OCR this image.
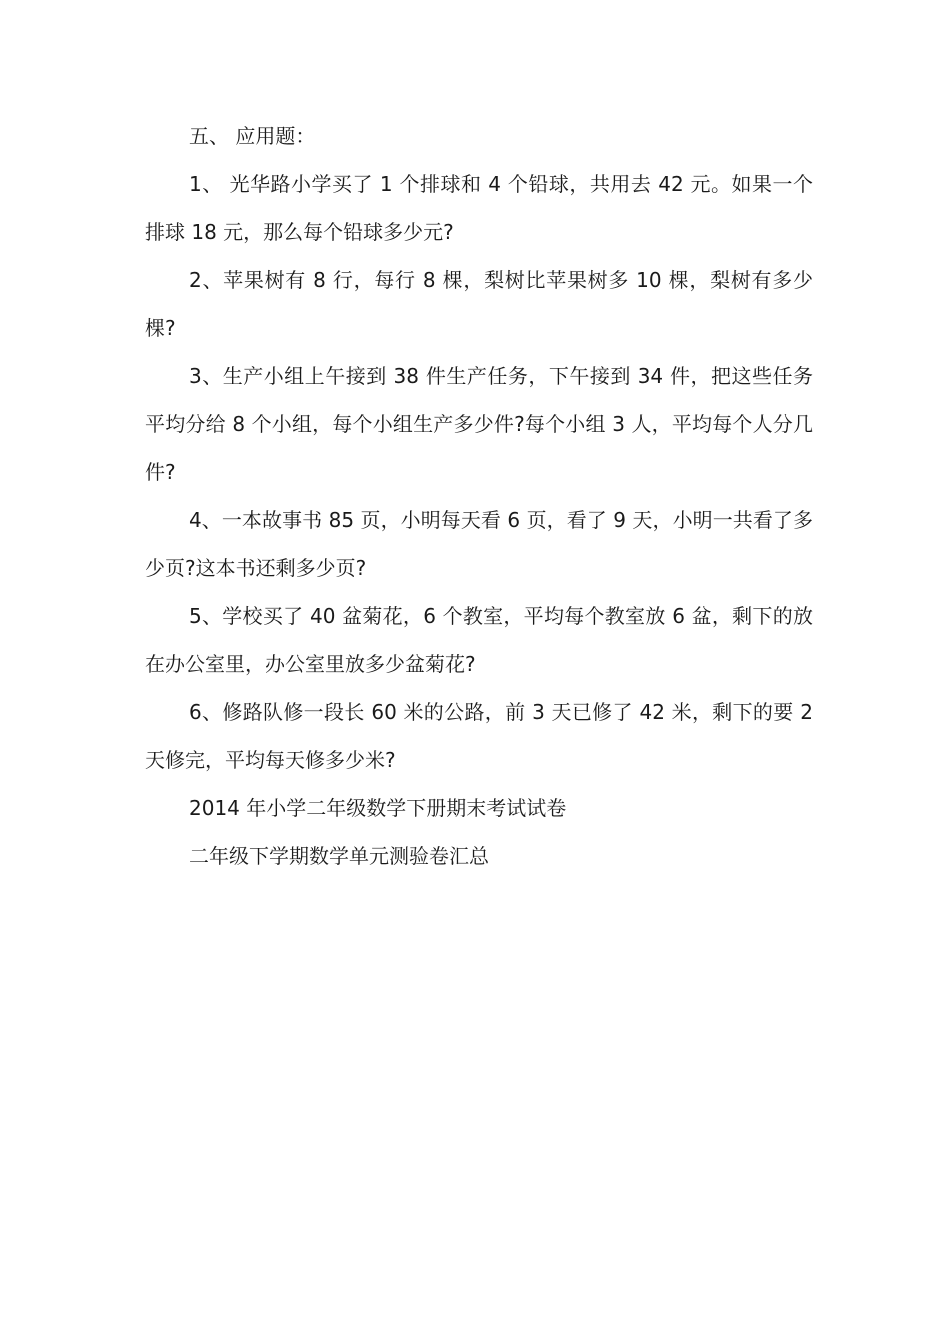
五、 应用题：

1、 光华路小学买了 1 个排球和 4 个铅球，共用去 42 元。如果一个排球 18 元，那么每个铅球多少元?

2、苹果树有 8 行，每行 8 棵，梨树比苹果树多 10 棵，梨树有多少棵?

3、生产小组上午接到 38 件生产任务，下午接到 34 件，把这些任务平均分给 8 个小组，每个小组生产多少件?每个小组 3 人，平均每个人分几件?

4、一本故事书 85 页，小明每天看 6 页，看了 9 天，小明一共看了多少页?这本书还剩多少页?

5、学校买了 40 盆菊花，6 个教室，平均每个教室放 6 盆，剩下的放在办公室里，办公室里放多少盆菊花?

6、修路队修一段长 60 米的公路，前 3 天已修了 42 米，剩下的要 2 天修完，平均每天修多少米?

2014 年小学二年级数学下册期末考试试卷

二年级下学期数学单元测验卷汇总
